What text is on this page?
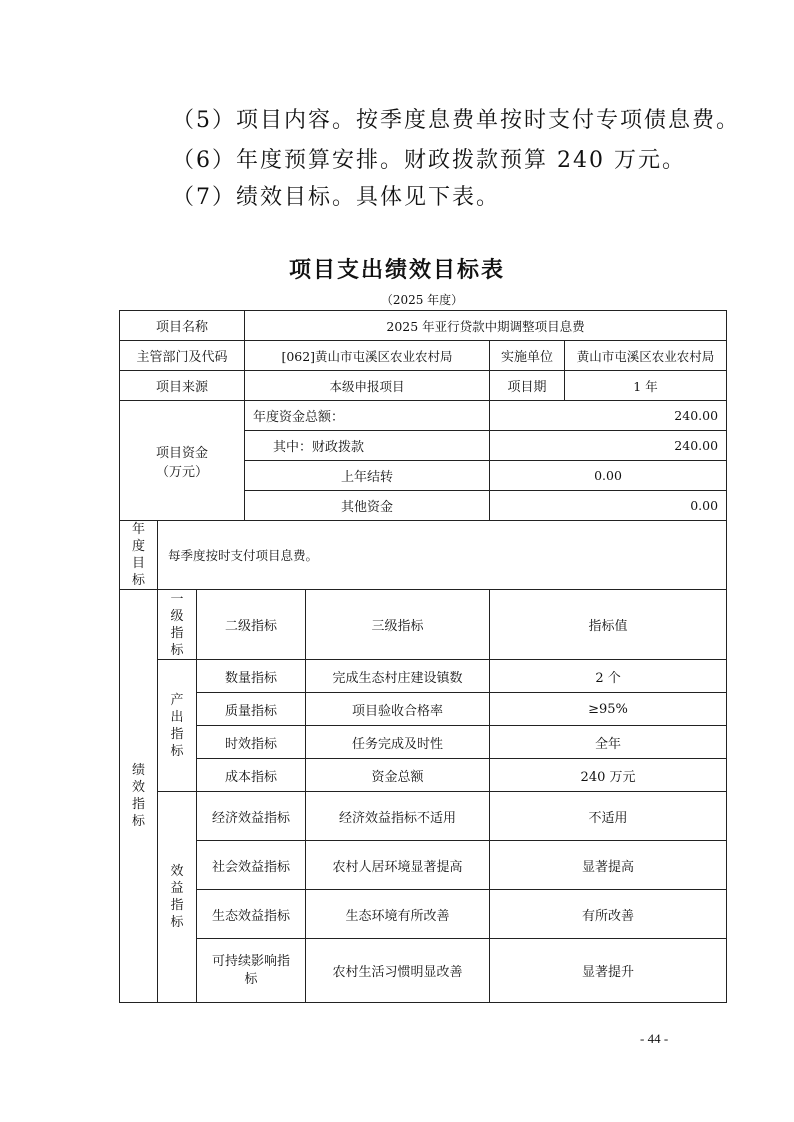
（5）项目内容。按季度息费单按时支付专项债息费。
（6）年度预算安排。财政拨款预算 240 万元。
（7）绩效目标。具体见下表。
项目支出绩效目标表
（2025 年度）
项目名称			2025 年亚行贷款中期调整项目息费			
主管部门及代码			[062]黄山市屯溪区农业农村局		实施单位	黄山市屯溪区农业农村局
项目来源			本级申报项目		项目期	1 年

项目资金
（万元）			年度资金总额：		240.00	
			其中：财政拨款		240.00	
			上年结转		0.00	
			其他资金		0.00	

年度目标	每季度按时支付项目息费。					

绩效指标	一级指标	二级指标		三级指标	指标值	

	产出指标	数量指标		完成生态村庄建设镇数	2 个	
		质量指标		项目验收合格率	≥95%	
		时效指标		任务完成及时性	全年	
		成本指标		资金总额	240 万元	

	效益指标	经济效益指标		经济效益指标不适用	不适用	
		社会效益指标		农村人居环境显著提高	显著提高	
		生态效益指标		生态环境有所改善	有所改善	
		可持续影响指标		农村生活习惯明显改善	显著提升	
- 44 -
